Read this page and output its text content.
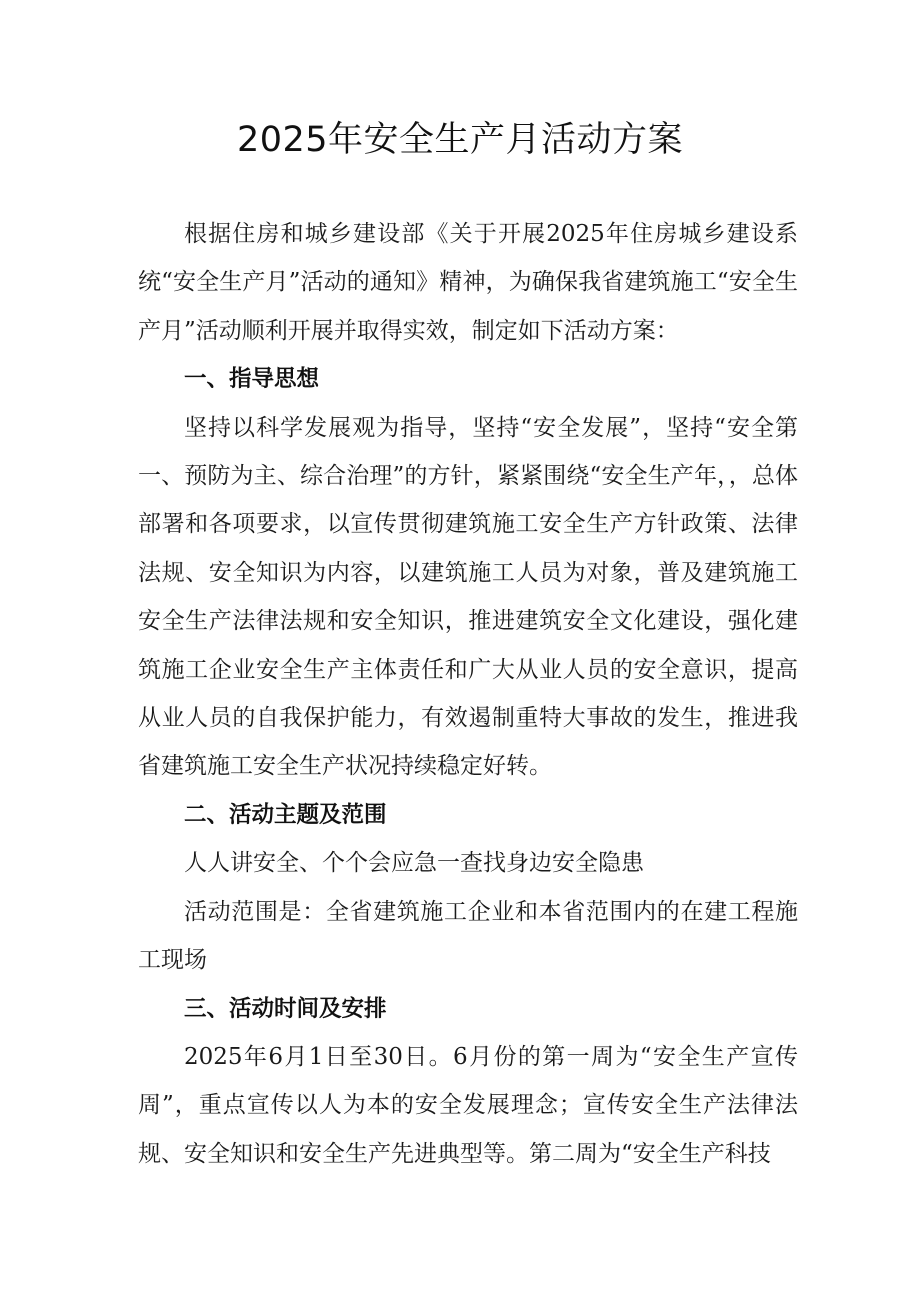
2025年安全生产月活动方案

根据住房和城乡建设部《关于开展2025年住房城乡建设系统“安全生产月”活动的通知》精神，为确保我省建筑施工“安全生产月”活动顺利开展并取得实效，制定如下活动方案：

一、指导思想

坚持以科学发展观为指导，坚持“安全发展”，坚持“安全第一、预防为主、综合治理”的方针，紧紧围绕“安全生产年，，总体部署和各项要求，以宣传贯彻建筑施工安全生产方针政策、法律法规、安全知识为内容，以建筑施工人员为对象，普及建筑施工安全生产法律法规和安全知识，推进建筑安全文化建设，强化建筑施工企业安全生产主体责任和广大从业人员的安全意识，提高从业人员的自我保护能力，有效遏制重特大事故的发生，推进我省建筑施工安全生产状况持续稳定好转。

二、活动主题及范围

人人讲安全、个个会应急一查找身边安全隐患

活动范围是：全省建筑施工企业和本省范围内的在建工程施工现场

三、活动时间及安排

2025年6月1日至30日。6月份的第一周为“安全生产宣传周”，重点宣传以人为本的安全发展理念；宣传安全生产法律法规、安全知识和安全生产先进典型等。第二周为“安全生产科技
